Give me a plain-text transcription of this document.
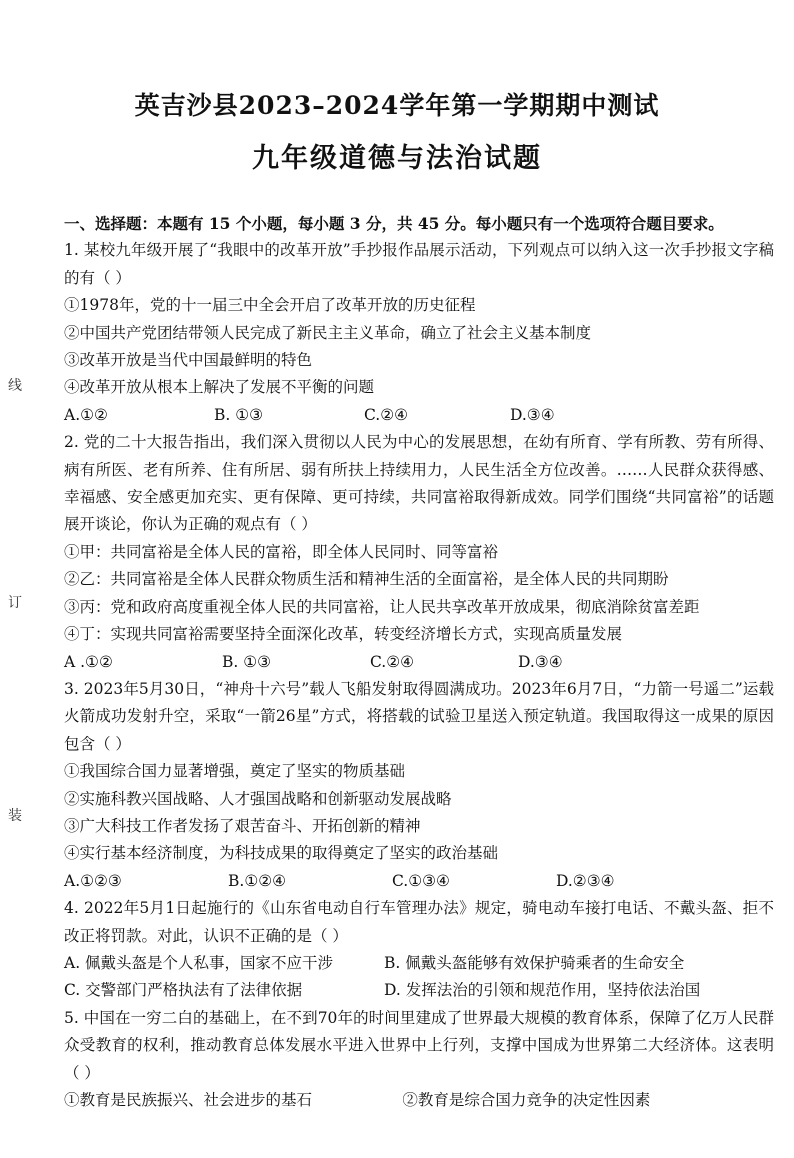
英吉沙县2023–2024学年第一学期期中测试
九年级道德与法治试题
线
订
装
一、选择题：本题有 15 个小题，每小题 3 分，共 45 分。每小题只有一个选项符合题目要求。
1. 某校九年级开展了“我眼中的改革开放”手抄报作品展示活动，下列观点可以纳入这一次手抄报文字稿的有（ ）
①1978年，党的十一届三中全会开启了改革开放的历史征程
②中国共产党团结带领人民完成了新民主主义革命，确立了社会主义基本制度
③改革开放是当代中国最鲜明的特色
④改革开放从根本上解决了发展不平衡的问题
A.①②	B. ①③	C.②④	D.③④
2. 党的二十大报告指出，我们深入贯彻以人民为中心的发展思想，在幼有所育、学有所教、劳有所得、病有所医、老有所养、住有所居、弱有所扶上持续用力，人民生活全方位改善。……人民群众获得感、幸福感、安全感更加充实、更有保障、更可持续，共同富裕取得新成效。同学们围绕“共同富裕”的话题展开谈论，你认为正确的观点有（ ）
①甲：共同富裕是全体人民的富裕，即全体人民同时、同等富裕
②乙：共同富裕是全体人民群众物质生活和精神生活的全面富裕，是全体人民的共同期盼
③丙：党和政府高度重视全体人民的共同富裕，让人民共享改革开放成果，彻底消除贫富差距
④丁：实现共同富裕需要坚持全面深化改革，转变经济增长方式，实现高质量发展
A .①②	B. ①③	C.②④	D.③④
3. 2023年5月30日，“神舟十六号”载人飞船发射取得圆满成功。2023年6月7日，“力箭一号遥二”运载火箭成功发射升空，采取“一箭26星”方式，将搭载的试验卫星送入预定轨道。我国取得这一成果的原因包含（ ）
①我国综合国力显著增强，奠定了坚实的物质基础
②实施科教兴国战略、人才强国战略和创新驱动发展战略
③广大科技工作者发扬了艰苦奋斗、开拓创新的精神
④实行基本经济制度，为科技成果的取得奠定了坚实的政治基础
A.①②③	B.①②④	C.①③④	D.②③④
4. 2022年5月1日起施行的《山东省电动自行车管理办法》规定，骑电动车接打电话、不戴头盔、拒不改正将罚款。对此，认识不正确的是（ ）
A. 佩戴头盔是个人私事，国家不应干涉	B. 佩戴头盔能够有效保护骑乘者的生命安全
C. 交警部门严格执法有了法律依据	D. 发挥法治的引领和规范作用，坚持依法治国
5. 中国在一穷二白的基础上，在不到70年的时间里建成了世界最大规模的教育体系，保障了亿万人民群众受教育的权利，推动教育总体发展水平进入世界中上行列，支撑中国成为世界第二大经济体。这表明（ ）
①教育是民族振兴、社会进步的基石	②教育是综合国力竞争的决定性因素
